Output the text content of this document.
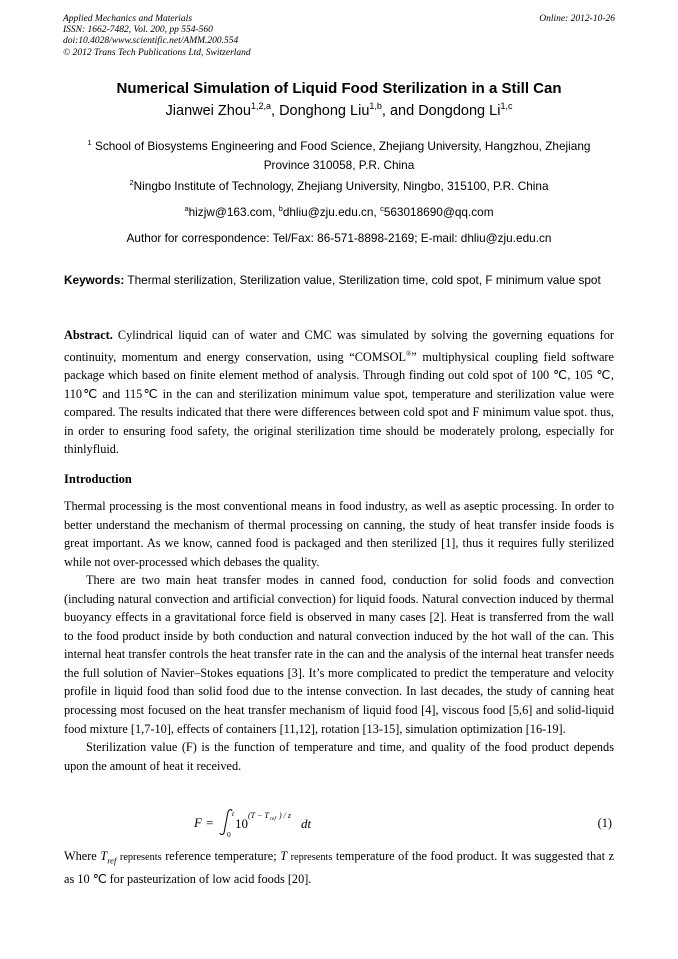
Applied Mechanics and Materials
ISSN: 1662-7482, Vol. 200, pp 554-560
doi:10.4028/www.scientific.net/AMM.200.554
© 2012 Trans Tech Publications Ltd, Switzerland
Online: 2012-10-26
Numerical Simulation of Liquid Food Sterilization in a Still Can
Jianwei Zhou$^{1,2,a}$, Donghong Liu$^{1,b}$, and Dongdong Li$^{1,c}$
$^1$ School of Biosystems Engineering and Food Science, Zhejiang University, Hangzhou, Zhejiang Province 310058, P.R. China
$^2$Ningbo Institute of Technology, Zhejiang University, Ningbo, 315100, P.R. China
$^a$hizjw@163.com, $^b$dhliu@zju.edu.cn, $^c$563018690@qq.com
Author for correspondence: Tel/Fax: 86-571-8898-2169; E-mail: dhliu@zju.edu.cn
Keywords: Thermal sterilization, Sterilization value, Sterilization time, cold spot, F minimum value spot

Abstract. Cylindrical liquid can of water and CMC was simulated by solving the governing equations for continuity, momentum and energy conservation, using “COMSOL®” multiphysical coupling field software package which based on finite element method of analysis. Through finding out cold spot of 100 ℃, 105 ℃, 110℃ and 115℃ in the can and sterilization minimum value spot, temperature and sterilization value were compared. The results indicated that there were differences between cold spot and F minimum value spot. thus, in order to ensuring food safety, the original sterilization time should be moderately prolong, especially for thinlyfluid.

Introduction

Thermal processing is the most conventional means in food industry, as well as aseptic processing. In order to better understand the mechanism of thermal processing on canning, the study of heat transfer inside foods is great important. As we know, canned food is packaged and then sterilized [1], thus it requires fully sterilized while not over-processed which debases the quality.

There are two main heat transfer modes in canned food, conduction for solid foods and convection (including natural convection and artificial convection) for liquid foods. Natural convection induced by thermal buoyancy effects in a gravitational force field is observed in many cases [2]. Heat is transferred from the wall to the food product inside by both conduction and natural convection induced by the hot wall of the can. This internal heat transfer controls the heat transfer rate in the can and the analysis of the internal heat transfer needs the full solution of Navier–Stokes equations [3]. It’s more complicated to predict the temperature and velocity profile in liquid food than solid food due to the intense convection. In last decades, the study of canning heat processing most focused on the heat transfer mechanism of liquid food [4], viscous food [5,6] and solid-liquid food mixture [1,7-10], effects of containers [11,12], rotation [13-15], simulation optimization [16-19].

Sterilization value (F) is the function of temperature and time, and quality of the food product depends upon the amount of heat it received.

F =
t
0
10
(T − T ref ) / z
dt	(1)

Where $T_{ref}$ represents reference temperature; T represents temperature of the food product. It was suggested that z as 10 ℃ for pasteurization of low acid foods [20].
